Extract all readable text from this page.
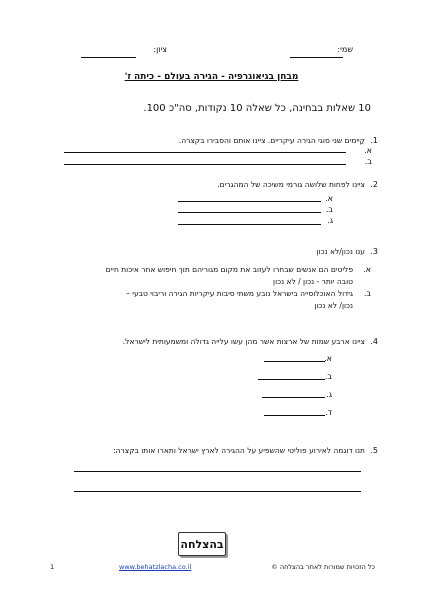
שמי:
ציון:
מבחן בגיאוגרפיה - הגירה בעולם - כיתה ז'
10 שאלות בבחינה, כל שאלה 10 נקודות, סה"כ 100.
1.
קַיימים שני סוגי הגירה עיקריים. ציינו אותם והסבירו בקצרה.
א.
ב.
2.
ציינו לפחות שלושה גורמי משיכה של המהגרים.
א.
ב.
ג.
3.
ענו נכון/לא נכון
א.
פליטים הם אנשים שבחרו לעזוב את מקום מגוריהם תוך חיפוש אחר איכות חיים
טובה יותר - נכון / לא נכון
ב.
גידול האוכלוסייה בישראל נובע משתי סיבות עיקריות הגירה וריבוי טבעי –
נכון/ לא נכון
4.
ציינו ארבע שמות של ארצות אשר מהן עשו עלייה גדולה ומשמעותית לישראל.
א.
ב.
ג.
ד.
5.
תנו דוגמה לאירוע פוליטי שהשפיע על ההגירה לארץ ישראל ותארו אותו בקצרה:
בהצלחה
כל הזכויות שמורות לאתר בהצלחה ©
www.behatzlacha.co.il
1
